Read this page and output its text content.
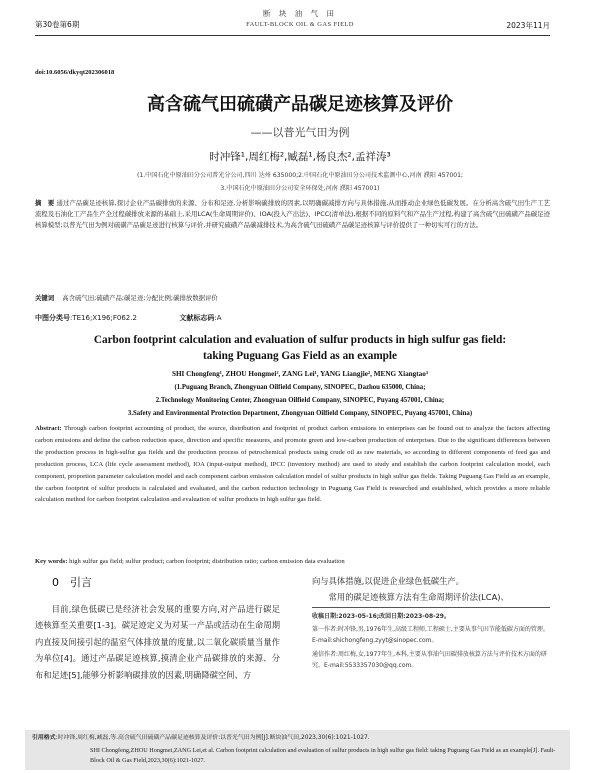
断 块 油 气 田
第30卷第6期	FAULT-BLOCK OIL & GAS FIELD	2023年11月
doi:10.6056/dkyqt202306018
高含硫气田硫磺产品碳足迹核算及评价
——以普光气田为例
时冲锋¹,周红梅²,臧磊¹,杨良杰²,孟祥涛³
(1.中国石化中原油田分公司普光分公司,四川 达州 635000;2.中国石化中原油田分公司技术监测中心,河南 濮阳 457001;
3.中国石化中原油田分公司安全环保处,河南 濮阳 457001)
摘　要 通过产品碳足迹核算,探讨企业产品碳排放的来源、分布和足迹,分析影响碳排放的因素,以明确碳减排方向与具体措施,从而推动企业绿色低碳发展。在分析高含硫气田生产工艺流程及石油化工产品生产全过程碳排放来源的基础上,采用LCA(生命周期评价)、IOA(投入产出法)、IPCC(清单法),根据不同的原料气和产品生产过程,构建了高含硫气田硫磺产品碳足迹核算模型;以普光气田为例对硫磺产品碳足迹进行核算与评价,并研究硫磺产品碳减排技术,为高含硫气田硫磺产品碳足迹核算与评价提供了一种切实可行的方法。
关键词 高含硫气田;硫磺产品;碳足迹;分配比例;碳排放数据评价
中图分类号:TE16;X196;F062.2	文献标志码:A
Carbon footprint calculation and evaluation of sulfur products in high sulfur gas field:
taking Puguang Gas Field as an example
SHI Chongfeng¹, ZHOU Hongmei², ZANG Lei¹, YANG Liangjie², MENG Xiangtao³
(1.Puguang Branch, Zhongyuan Oilfield Company, SINOPEC, Dazhou 635000, China;
2.Technology Monitoring Center, Zhongyuan Oilfield Company, SINOPEC, Puyang 457001, China;
3.Safety and Environmental Protection Department, Zhongyuan Oilfield Company, SINOPEC, Puyang 457001, China)
Abstract: Through carbon footprint accounting of product, the source, distribution and footprint of product carbon emissions in enterprises can be found out to analyze the factors affecting carbon emissions and define the carbon reduction space, direction and specific measures, and promote green and low-carbon production of enterprises. Due to the significant differences between the production process in high-sulfur gas fields and the production process of petrochemical products using crude oil as raw materials, so according to different components of feed gas and production process, LCA (life cycle assessment method), IOA (input-output method), IPCC (inventory method) are used to study and establish the carbon footprint calculation model, each component, proportion parameter calculation model and each component carbon emission calculation model of sulfur products in high sulfur gas fields. Taking Puguang Gas Field as an example, the carbon footprint of sulfur products is calculated and evaluated, and the carbon reduction technology in Puguang Gas Field is researched and established, which provides a more reliable calculation method for carbon footprint calculation and evaluation of sulfur products in high sulfur gas field.
Key words: high sulfur gas field; sulfur product; carbon footprint; distribution ratio; carbon emission data evaluation
0　引言
目前,绿色低碳已是经济社会发展的重要方向,对产品进行碳足迹核算至关重要[1-3]。碳足迹定义为对某一产品或活动在生命周期内直接及间接引起的温室气体排放量的度量,以二氧化碳质量当量作为单位[4]。通过产品碳足迹核算,摸清企业产品碳排放的来源、分布和足迹[5],能够分析影响碳排放的因素,明确降碳空间、方
向与具体措施,以促进企业绿色低碳生产。
常用的碳足迹核算方法有生命周期评价法(LCA)、
收稿日期:2023-05-16;改回日期:2023-08-29。
第一作者:时冲锋,男,1976年生,高级工程师,工程硕士,主要从事气田节能低碳方面的管理。E-mail:shichongfeng.zyyt@sinopec.com。
通信作者:周红梅,女,1977年生,本科,主要从事油气田碳排放核算方法与评价技术方面的研究。E-mail:5533357030@qq.com。
引用格式:时冲锋,周红梅,臧磊,等.高含硫气田硫磺产品碳足迹核算及评价:以普光气田为例[J].断块油气田,2023,30(6):1021-1027.
SHI Chongfeng,ZHOU Hongmei,ZANG Lei,et al. Carbon footprint calculation and evaluation of sulfur products in high sulfur gas field: taking Puguang Gas Field as an example[J]. Fault-Block Oil & Gas Field,2023,30(6):1021-1027.
